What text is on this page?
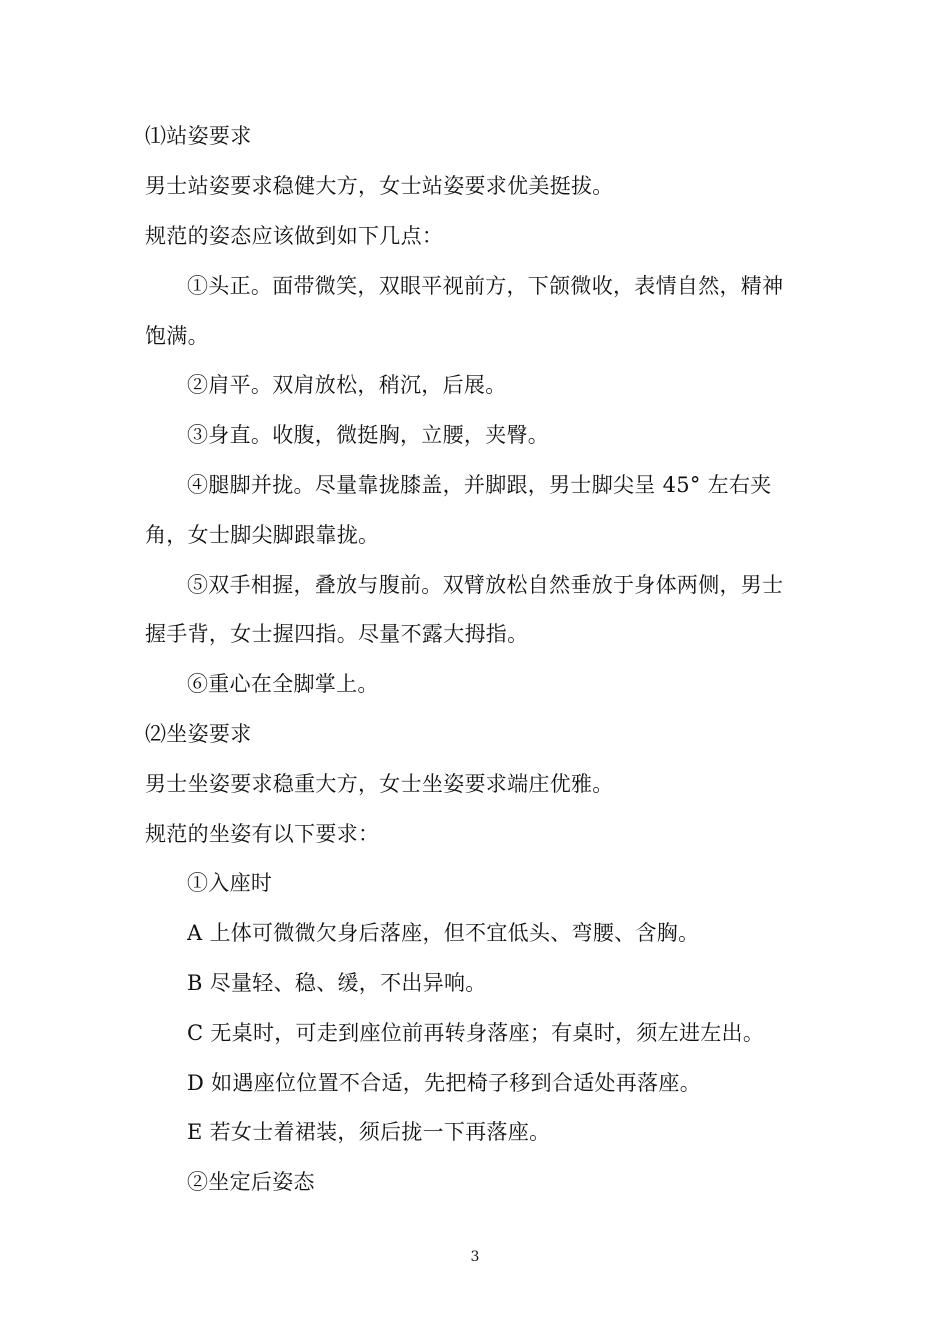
⑴站姿要求
男士站姿要求稳健大方，女士站姿要求优美挺拔。
规范的姿态应该做到如下几点：
①头正。面带微笑，双眼平视前方，下颌微收，表情自然，精神
饱满。
②肩平。双肩放松，稍沉，后展。
③身直。收腹，微挺胸，立腰，夹臀。
④腿脚并拢。尽量靠拢膝盖，并脚跟，男士脚尖呈 45° 左右夹
角，女士脚尖脚跟靠拢。
⑤双手相握，叠放与腹前。双臂放松自然垂放于身体两侧，男士
握手背，女士握四指。尽量不露大拇指。
⑥重心在全脚掌上。
⑵坐姿要求
男士坐姿要求稳重大方，女士坐姿要求端庄优雅。
规范的坐姿有以下要求：
①入座时
A 上体可微微欠身后落座，但不宜低头、弯腰、含胸。
B 尽量轻、稳、缓，不出异响。
C 无桌时，可走到座位前再转身落座；有桌时，须左进左出。
D 如遇座位位置不合适，先把椅子移到合适处再落座。
E 若女士着裙装，须后拢一下再落座。
②坐定后姿态
3
